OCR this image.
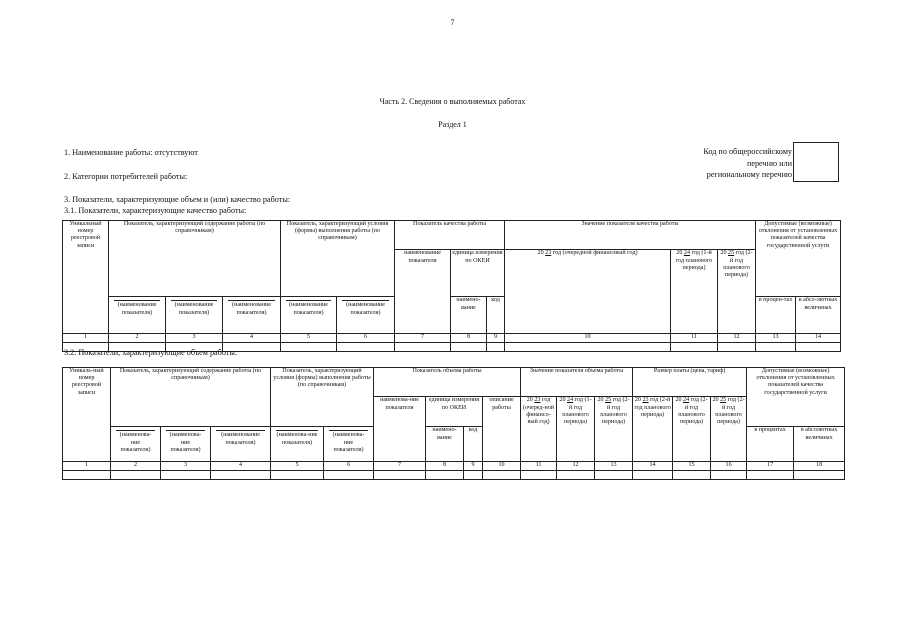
7
Часть 2. Сведения о выполняемых работах
Раздел 1
1. Наименование работы: отсутствуют
2. Категории потребителей работы:
Код по общероссийскому
перечню или
региональному перечню
3. Показатели, характеризующие объем и (или) качество работы:
3.1. Показатели, характеризующие качество работы:
Уникальный номер реестровой записи	Показатель, характеризующий содержание работы (по справочникам)			Показатель, характеризующий условия (формы) выполнения работы (по справочникам)		Показатель качества работы			Значение показателя качества работы			Допустимые (возможные) отклонения от установленных показателей качества государственной услуги	
						наименование показателя	единица измерения по ОКЕИ		20 23 год (очередной финансовый год)	20 24 год (1-й год планового периода)	20 25 год (2-й год планового периода)		

	(наименование показателя)	(наименование показателя)	(наименование показателя)	(наименование показателя)	(наименование показателя)		наимено-вание	код				в процен-тах	в абсо-лютных величинах
1	2	3	4	5	6	7	8	9	10	11	12	13	14

3.2. Показатели, характеризующие объем работы:
Уникаль-ный номер реестровой записи	Показатель, характеризующий содержание работы (по справочникам)			Показатель, характеризующий условия (формы) выполнения работы (по справочникам)		Показатель объема работы				Значение показателя объема работы			Размер платы (цена, тариф)			Допустимые (возможные) отклонения от установленных показателей качества государственной услуги	
						наименова-ние показателя	единица измерения по ОКЕИ		описание работы	20 23 год (очеред-ной финансо-вый год)	20 24 год (1-й год планового периода)	20 25 год (2-й год планового периода)	20 23 год (2-й год планового периода)	20 24 год (2-й год планового периода)	20 25 год (2-й год планового периода)		

	(наименова-ние показателя)	(наименова-ние показателя)	(наименование показателя)	(наименова-ние показателя)	(наименова-ние показателя)		наимено-вание	код								в процентах	в абсолютных величинах
1	2	3	4	5	6	7	8	9	10	11	12	13	14	15	16	17	18
